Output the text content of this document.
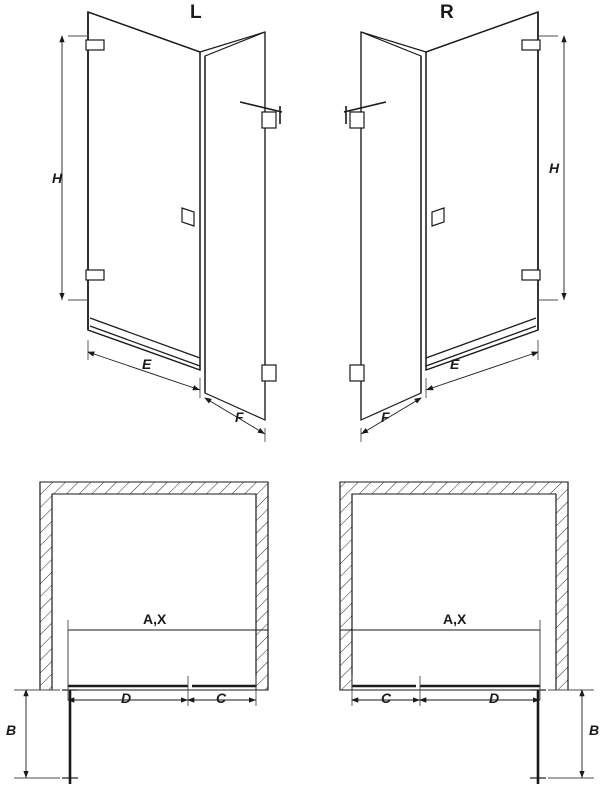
L	R
H
E
F
H
E
F
A,X
D	C
B
A,X
C	D
B
